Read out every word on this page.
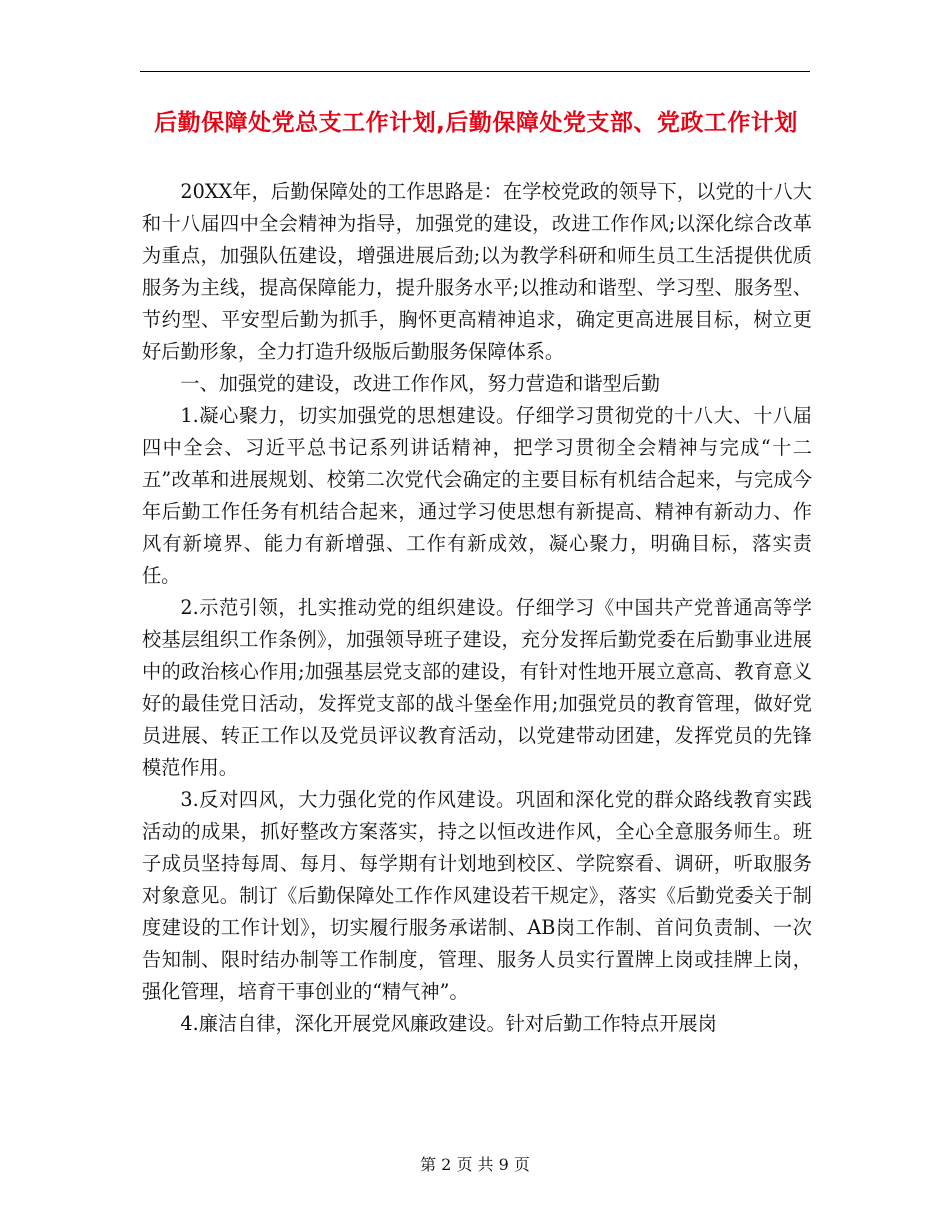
后勤保障处党总支工作计划,后勤保障处党支部、党政工作计划

20XX年，后勤保障处的工作思路是：在学校党政的领导下，以党的十八大和十八届四中全会精神为指导，加强党的建设，改进工作作风;以深化综合改革为重点，加强队伍建设，增强进展后劲;以为教学科研和师生员工生活提供优质服务为主线，提高保障能力，提升服务水平;以推动和谐型、学习型、服务型、节约型、平安型后勤为抓手，胸怀更高精神追求，确定更高进展目标，树立更好后勤形象，全力打造升级版后勤服务保障体系。

一、加强党的建设，改进工作作风，努力营造和谐型后勤

1.凝心聚力，切实加强党的思想建设。仔细学习贯彻党的十八大、十八届四中全会、习近平总书记系列讲话精神，把学习贯彻全会精神与完成“十二五”改革和进展规划、校第二次党代会确定的主要目标有机结合起来，与完成今年后勤工作任务有机结合起来，通过学习使思想有新提高、精神有新动力、作风有新境界、能力有新增强、工作有新成效，凝心聚力，明确目标，落实责任。

2.示范引领，扎实推动党的组织建设。仔细学习《中国共产党普通高等学校基层组织工作条例》，加强领导班子建设，充分发挥后勤党委在后勤事业进展中的政治核心作用;加强基层党支部的建设，有针对性地开展立意高、教育意义好的最佳党日活动，发挥党支部的战斗堡垒作用;加强党员的教育管理，做好党员进展、转正工作以及党员评议教育活动，以党建带动团建，发挥党员的先锋模范作用。

3.反对四风，大力强化党的作风建设。巩固和深化党的群众路线教育实践活动的成果，抓好整改方案落实，持之以恒改进作风，全心全意服务师生。班子成员坚持每周、每月、每学期有计划地到校区、学院察看、调研，听取服务对象意见。制订《后勤保障处工作作风建设若干规定》，落实《后勤党委关于制度建设的工作计划》，切实履行服务承诺制、AB岗工作制、首问负责制、一次告知制、限时结办制等工作制度，管理、服务人员实行置牌上岗或挂牌上岗，强化管理，培育干事创业的“精气神”。

4.廉洁自律，深化开展党风廉政建设。针对后勤工作特点开展岗

第 2 页 共 9 页
